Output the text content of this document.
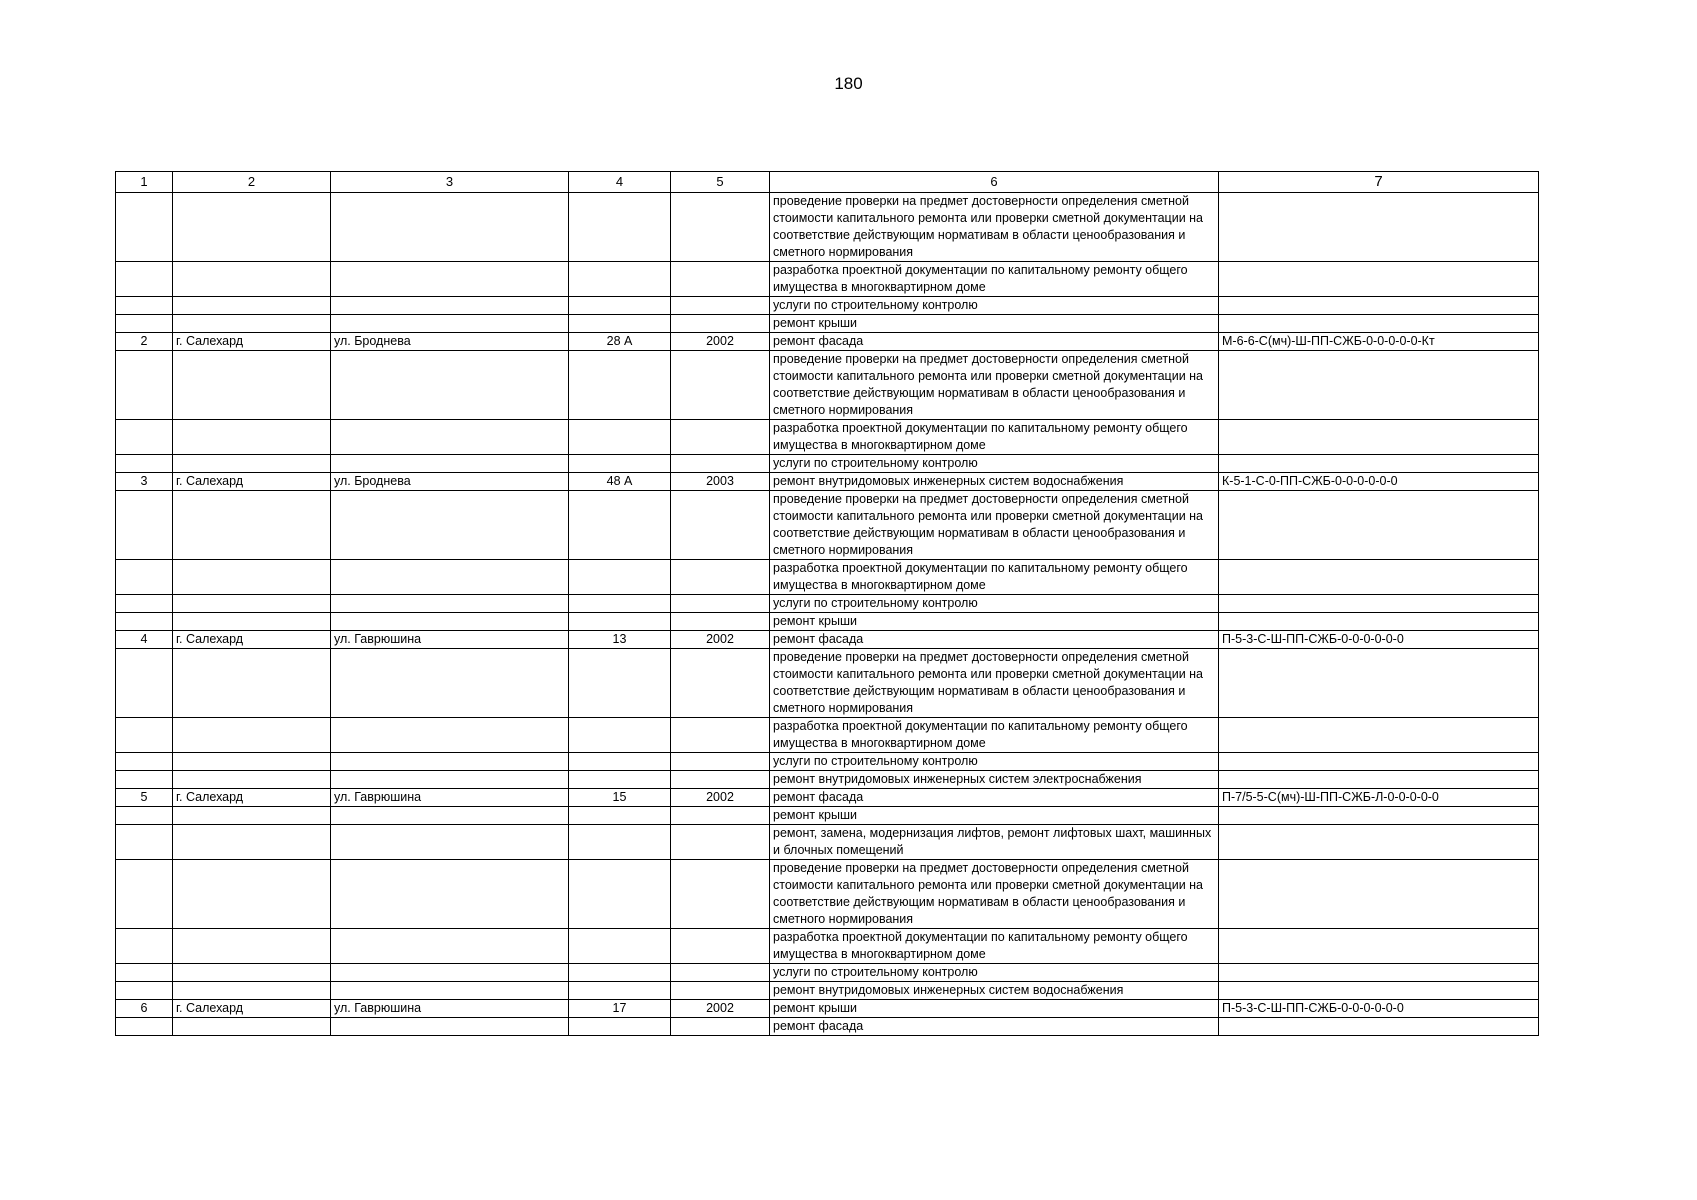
180
1	2	3	4	5	6	7
					проведение проверки на предмет достоверности определения сметной стоимости капитального ремонта или проверки сметной документации на соответствие действующим нормативам в области ценообразования и сметного нормирования	
					разработка проектной документации по капитальному ремонту общего имущества в многоквартирном доме	
					услуги по строительному контролю	
					ремонт крыши	
2	г. Салехард	ул. Броднева	28 А	2002	ремонт фасада	М-6-6-С(мч)-Ш-ПП-СЖБ-0-0-0-0-0-Кт
					проведение проверки на предмет достоверности определения сметной стоимости капитального ремонта или проверки сметной документации на соответствие действующим нормативам в области ценообразования и сметного нормирования	
					разработка проектной документации по капитальному ремонту общего имущества в многоквартирном доме	
					услуги по строительному контролю	
3	г. Салехард	ул. Броднева	48 А	2003	ремонт внутридомовых инженерных систем водоснабжения	К-5-1-С-0-ПП-СЖБ-0-0-0-0-0-0
					проведение проверки на предмет достоверности определения сметной стоимости капитального ремонта или проверки сметной документации на соответствие действующим нормативам в области ценообразования и сметного нормирования	
					разработка проектной документации по капитальному ремонту общего имущества в многоквартирном доме	
					услуги по строительному контролю	
					ремонт крыши	
4	г. Салехард	ул. Гаврюшина	13	2002	ремонт фасада	П-5-3-С-Ш-ПП-СЖБ-0-0-0-0-0-0
					проведение проверки на предмет достоверности определения сметной стоимости капитального ремонта или проверки сметной документации на соответствие действующим нормативам в области ценообразования и сметного нормирования	
					разработка проектной документации по капитальному ремонту общего имущества в многоквартирном доме	
					услуги по строительному контролю	
					ремонт внутридомовых инженерных систем электроснабжения	
5	г. Салехард	ул. Гаврюшина	15	2002	ремонт фасада	П-7/5-5-С(мч)-Ш-ПП-СЖБ-Л-0-0-0-0-0
					ремонт крыши	
					ремонт, замена, модернизация лифтов, ремонт лифтовых шахт, машинных и блочных помещений	
					проведение проверки на предмет достоверности определения сметной стоимости капитального ремонта или проверки сметной документации на соответствие действующим нормативам в области ценообразования и сметного нормирования	
					разработка проектной документации по капитальному ремонту общего имущества в многоквартирном доме	
					услуги по строительному контролю	
					ремонт внутридомовых инженерных систем водоснабжения	
6	г. Салехард	ул. Гаврюшина	17	2002	ремонт крыши	П-5-3-С-Ш-ПП-СЖБ-0-0-0-0-0-0
					ремонт фасада	
